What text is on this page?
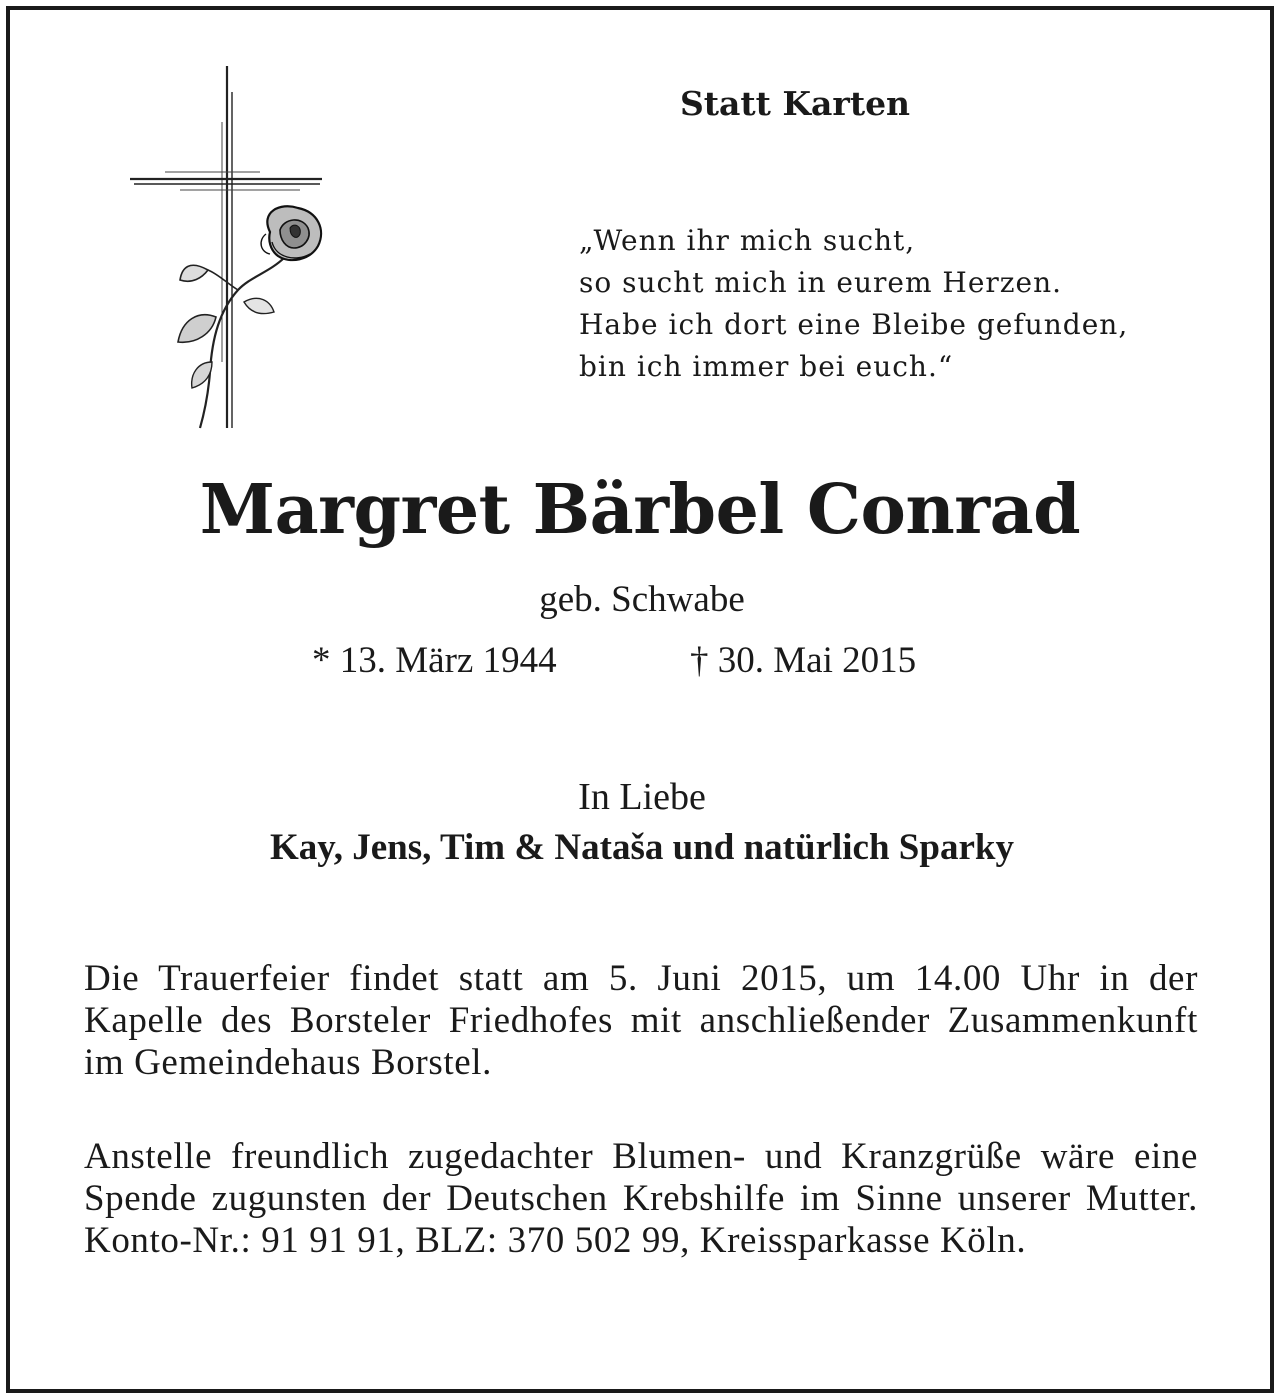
Statt Karten
„Wenn ihr mich sucht,
so sucht mich in eurem Herzen.
Habe ich dort eine Bleibe gefunden,
bin ich immer bei euch.“
Margret Bärbel Conrad
geb. Schwabe
* 13. März 1944	† 30. Mai 2015
In Liebe
Kay, Jens, Tim & Nataša und natürlich Sparky
Die Trauerfeier findet statt am 5. Juni 2015, um 14.00 Uhr in der Kapelle des Borsteler Friedhofes mit anschließender Zusammenkunft im Gemeindehaus Borstel.
Anstelle freundlich zugedachter Blumen- und Kranzgrüße wäre eine Spende zugunsten der Deutschen Krebshilfe im Sinne unserer Mutter. Konto-Nr.: 91 91 91, BLZ: 370 502 99, Kreissparkasse Köln.
